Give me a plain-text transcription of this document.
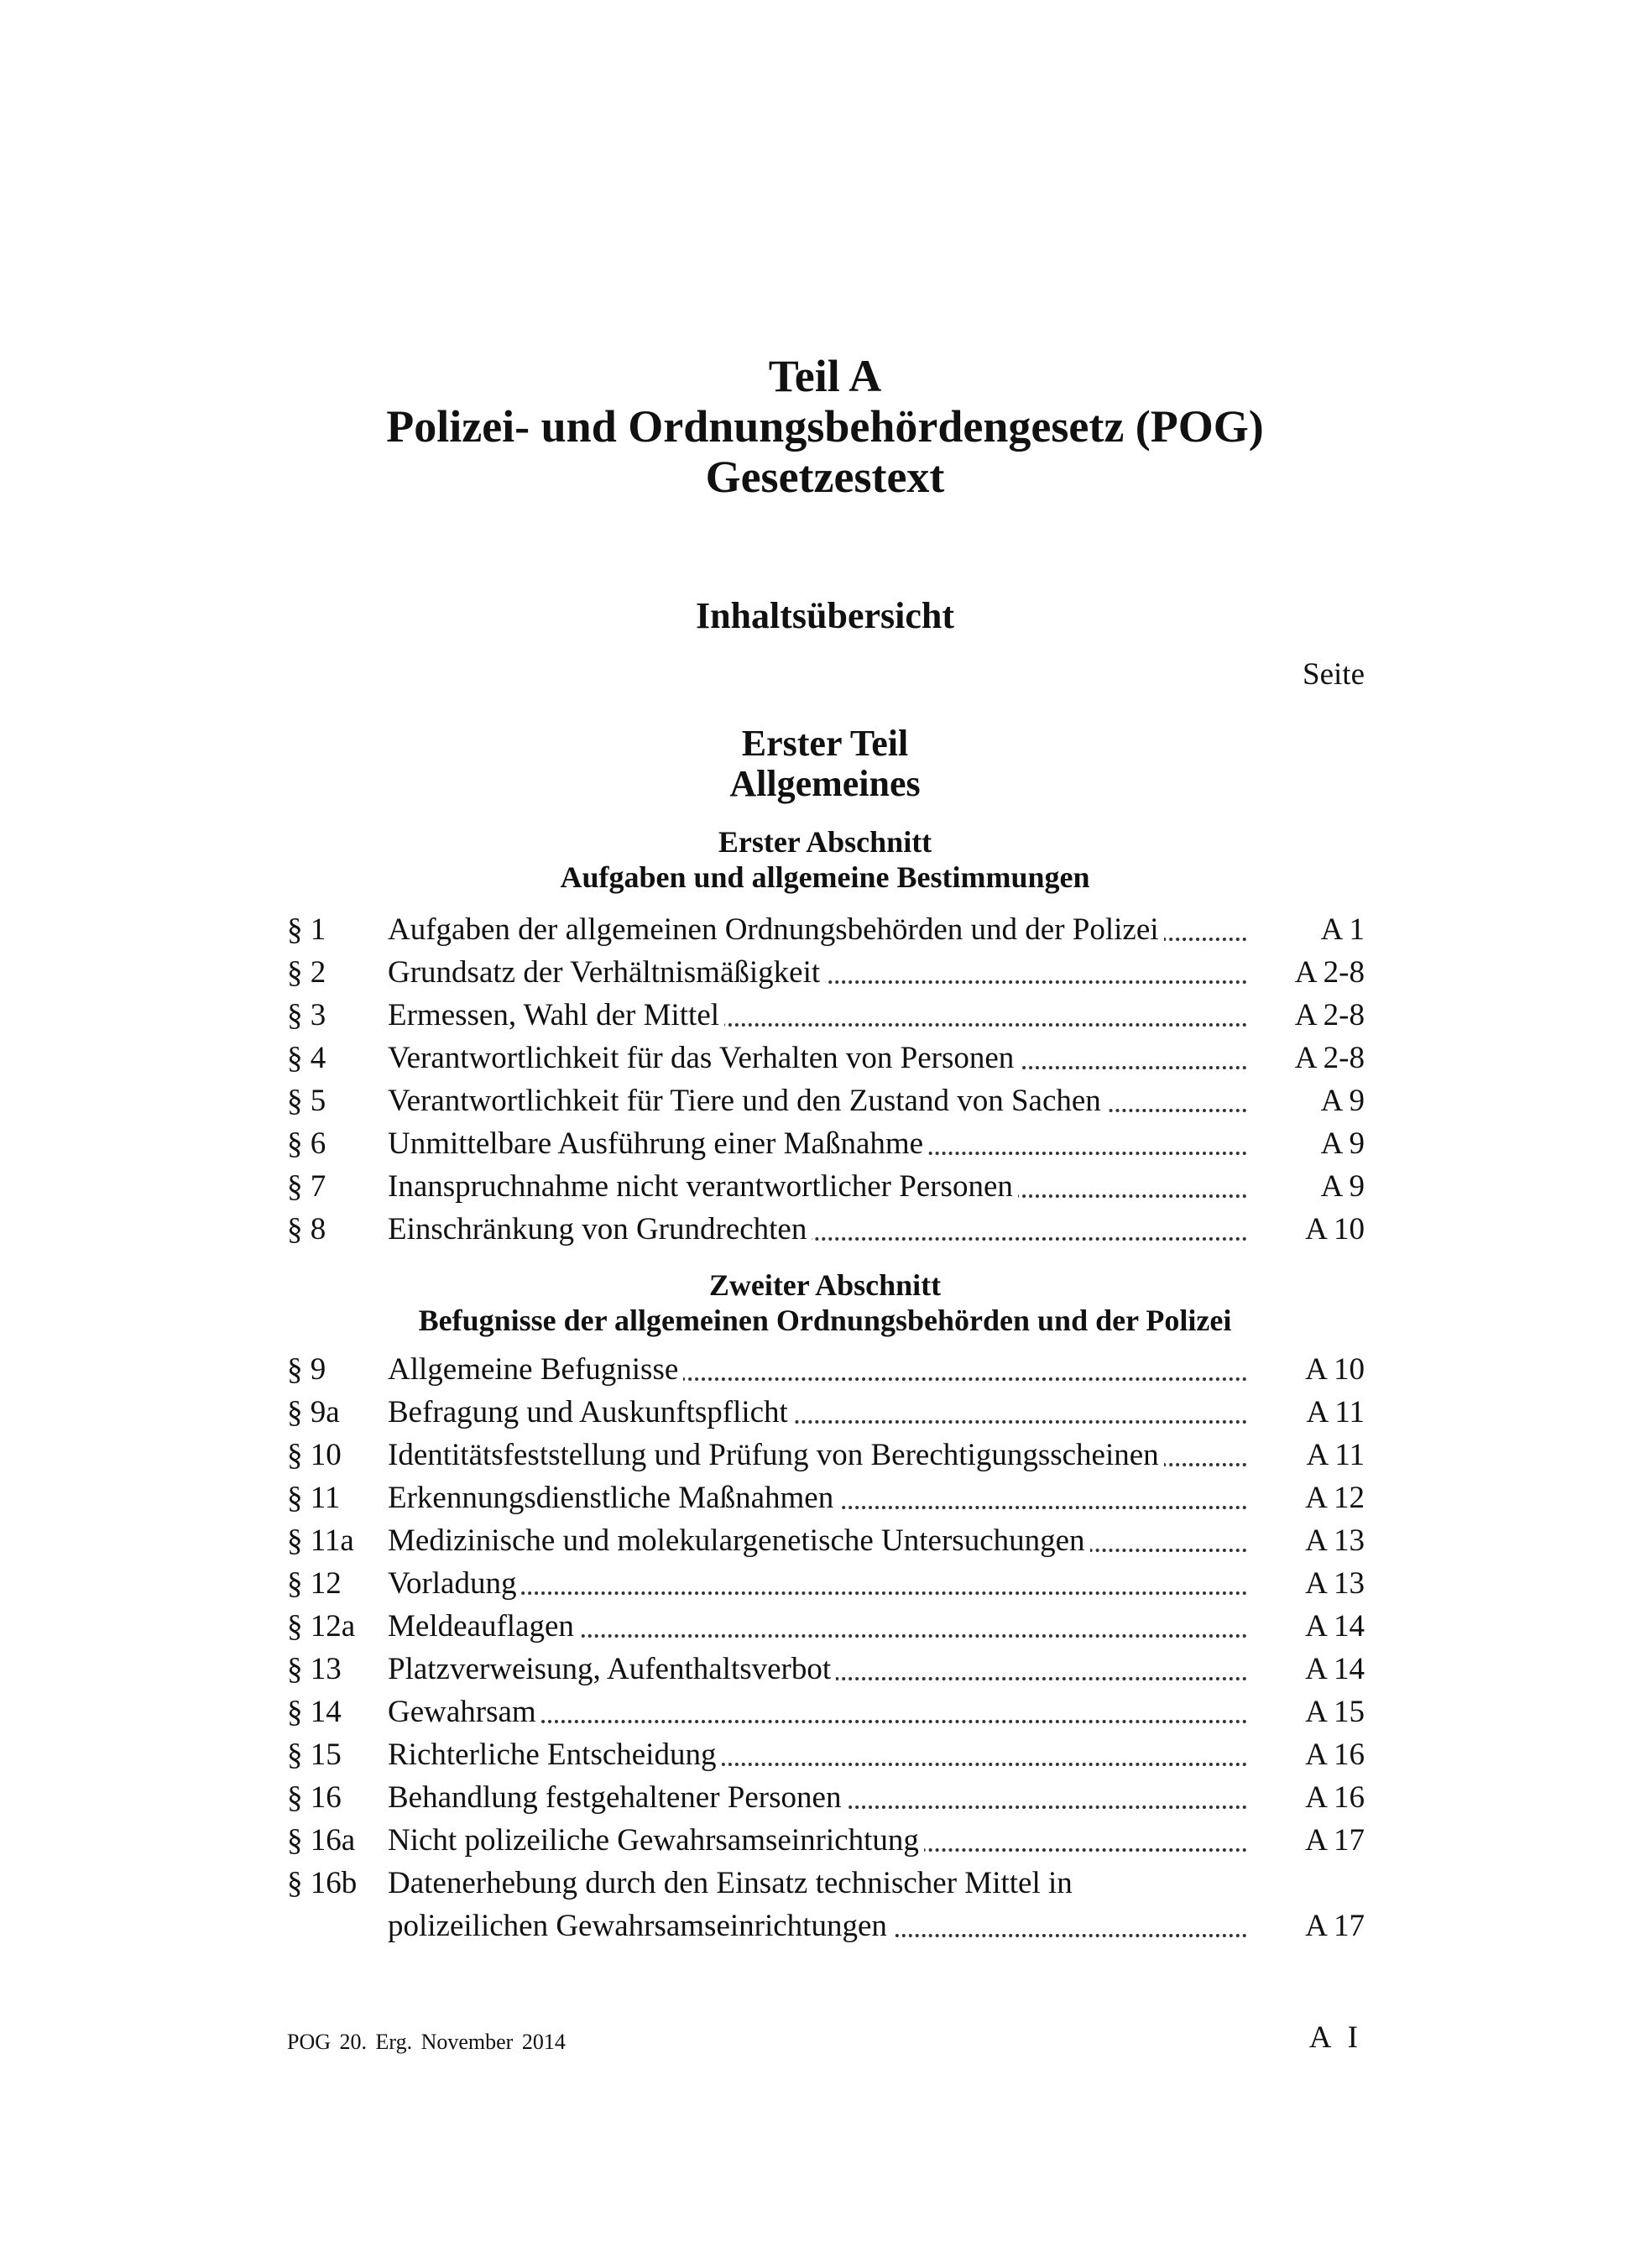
Teil A
Polizei- und Ordnungsbehördengesetz (POG)
Gesetzestext
Inhaltsübersicht
Seite
Erster Teil
Allgemeines
Erster Abschnitt
Aufgaben und allgemeine Bestimmungen
§ 1 Aufgaben der allgemeinen Ordnungsbehörden und der Polizei	A 1
§ 2 Grundsatz der Verhältnismäßigkeit	A 2-8
§ 3 Ermessen, Wahl der Mittel	A 2-8
§ 4 Verantwortlichkeit für das Verhalten von Personen	A 2-8
§ 5 Verantwortlichkeit für Tiere und den Zustand von Sachen	A 9
§ 6 Unmittelbare Ausführung einer Maßnahme	A 9
§ 7 Inanspruchnahme nicht verantwortlicher Personen	A 9
§ 8 Einschränkung von Grundrechten	A 10
Zweiter Abschnitt
Befugnisse der allgemeinen Ordnungsbehörden und der Polizei
§ 9 Allgemeine Befugnisse	A 10
§ 9a Befragung und Auskunftspflicht	A 11
§ 10 Identitätsfeststellung und Prüfung von Berechtigungsscheinen	A 11
§ 11 Erkennungsdienstliche Maßnahmen	A 12
§ 11a Medizinische und molekulargenetische Untersuchungen	A 13
§ 12 Vorladung	A 13
§ 12a Meldeauflagen	A 14
§ 13 Platzverweisung, Aufenthaltsverbot	A 14
§ 14 Gewahrsam	A 15
§ 15 Richterliche Entscheidung	A 16
§ 16 Behandlung festgehaltener Personen	A 16
§ 16a Nicht polizeiliche Gewahrsamseinrichtung	A 17
§ 16b Datenerhebung durch den Einsatz technischer Mittel in
polizeilichen Gewahrsamseinrichtungen	A 17
POG 20. Erg. November 2014	A I
